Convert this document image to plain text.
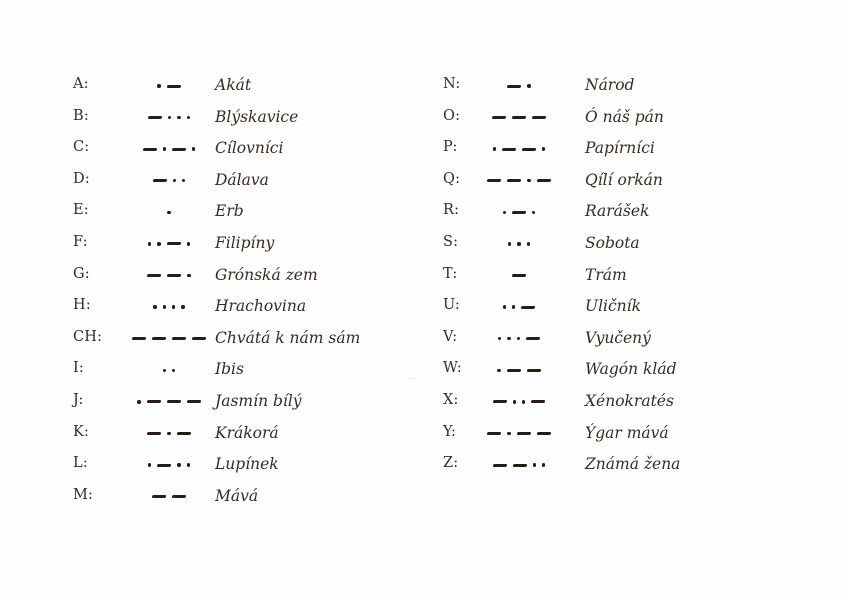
A:	Akát
B:	Blýskavice
C:	Cílovníci
D:	Dálava
E:	Erb
F:	Filipíny
G:	Grónská zem
H:	Hrachovina
CH:	Chvátá k nám sám
I:	Ibis
J:	Jasmín bílý
K:	Krákorá
L:	Lupínek
M:	Mává
N:	Národ
O:	Ó náš pán
P:	Papírníci
Q:	Qílí orkán
R:	Rarášek
S:	Sobota
T:	Trám
U:	Uličník
V:	Vyučený
W:	Wagón klád
X:	Xénokratés
Y:	Ýgar mává
Z:	Známá žena
